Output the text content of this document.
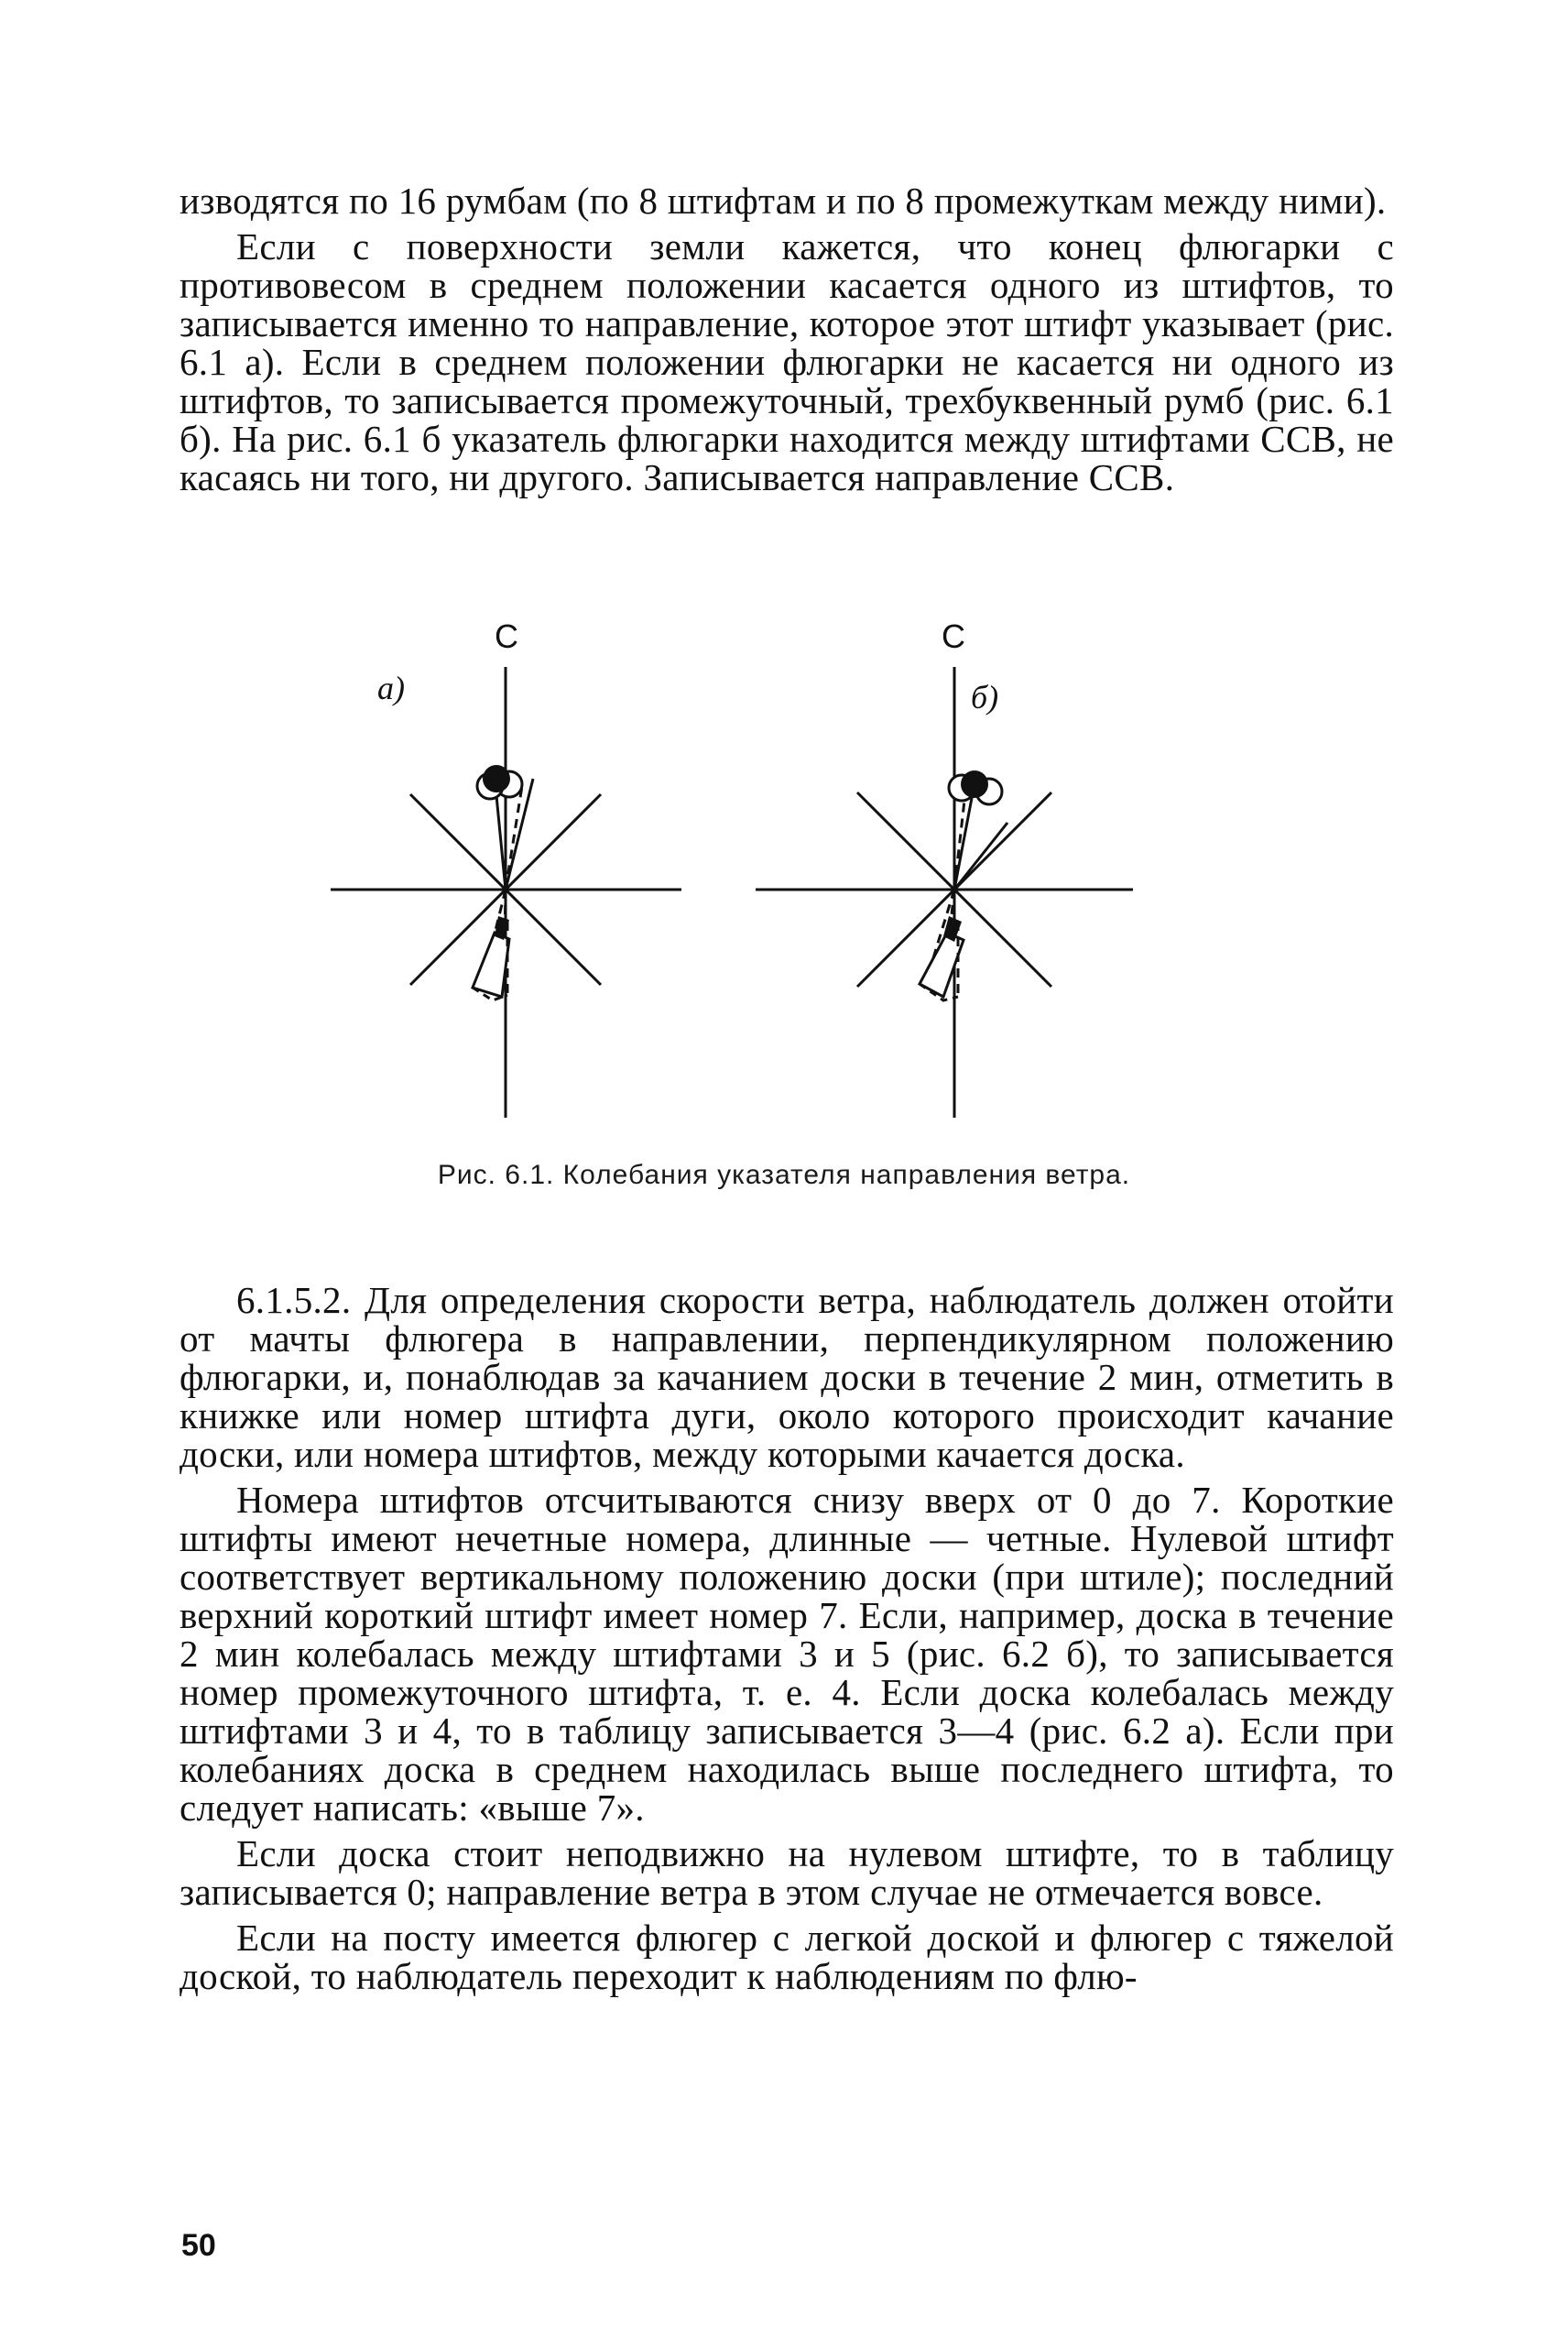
изводятся по 16 румбам (по 8 штифтам и по 8 промежуткам между ними).

Если с поверхности земли кажется, что конец флюгарки с противовесом в среднем положении касается одного из штифтов, то записывается именно то направление, которое этот штифт указывает (рис. 6.1 а). Если в среднем положении флюгарки не касается ни одного из штифтов, то записывается промежуточный, трехбуквенный румб (рис. 6.1 б). На рис. 6.1 б указатель флюгарки находится между штифтами ССВ, не касаясь ни того, ни другого. Записывается направление ССВ.

С
а)
С
б)
Рис. 6.1. Колебания указателя направления ветра.

6.1.5.2. Для определения скорости ветра, наблюдатель должен отойти от мачты флюгера в направлении, перпендикулярном положению флюгарки, и, понаблюдав за качанием доски в течение 2 мин, отметить в книжке или номер штифта дуги, около которого происходит качание доски, или номера штифтов, между которыми качается доска.

Номера штифтов отсчитываются снизу вверх от 0 до 7. Короткие штифты имеют нечетные номера, длинные — четные. Нулевой штифт соответствует вертикальному положению доски (при штиле); последний верхний короткий штифт имеет номер 7. Если, например, доска в течение 2 мин колебалась между штифтами 3 и 5 (рис. 6.2 б), то записывается номер промежуточного штифта, т. е. 4. Если доска колебалась между штифтами 3 и 4, то в таблицу записывается 3—4 (рис. 6.2 а). Если при колебаниях доска в среднем находилась выше последнего штифта, то следует написать: «выше 7».

Если доска стоит неподвижно на нулевом штифте, то в таблицу записывается 0; направление ветра в этом случае не отмечается вовсе.

Если на посту имеется флюгер с легкой доской и флюгер с тяжелой доской, то наблюдатель переходит к наблюдениям по флю-

50
